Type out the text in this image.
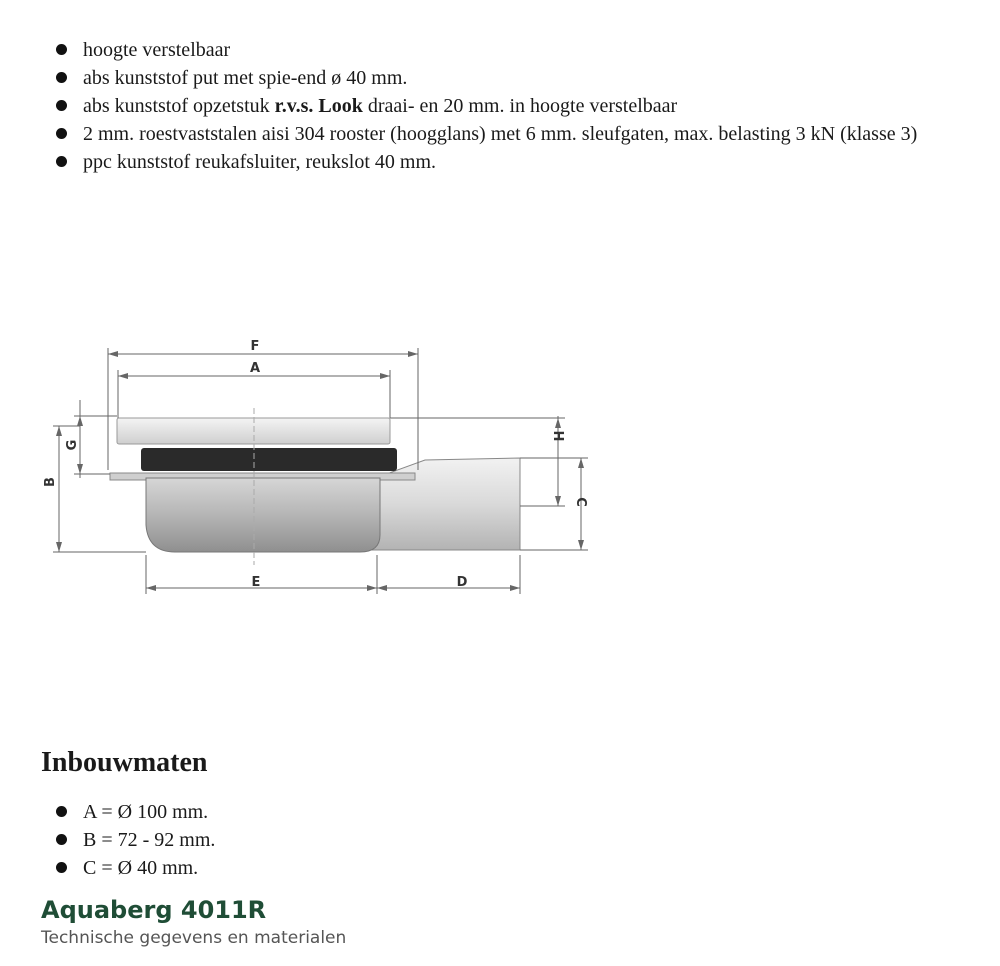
hoogte verstelbaar
abs kunststof put met spie-end ø 40 mm.
abs kunststof opzetstuk r.v.s. Look draai- en 20 mm. in hoogte verstelbaar
2 mm. roestvaststalen aisi 304 rooster (hoogglans) met 6 mm. sleufgaten, max. belasting 3 kN (klasse 3)
ppc kunststof reukafsluiter, reukslot 40 mm.
F
A
G
B
H
C
E	D
Inbouwmaten
A = Ø 100 mm.
B = 72 - 92 mm.
C = Ø 40 mm.
Aquaberg 4011R

Technische gegevens en materialen
